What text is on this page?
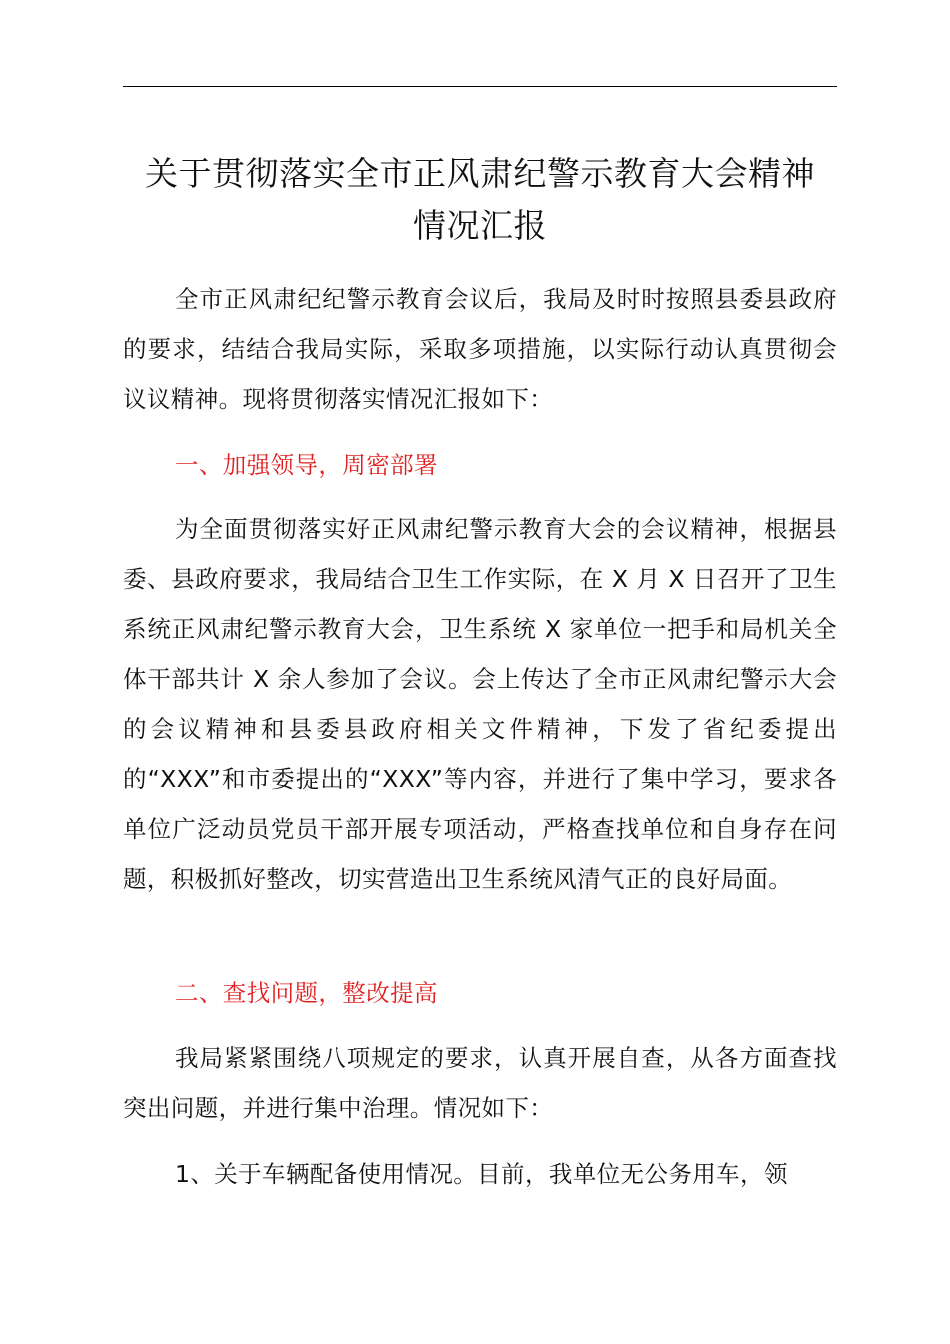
关于贯彻落实全市正风肃纪警示教育大会精神
情况汇报

全市正风肃纪纪警示教育会议后，我局及时时按照县委县政府的要求，结结合我局实际，采取多项措施，以实际行动认真贯彻会议议精神。现将贯彻落实情况汇报如下：

一、加强领导，周密部署

为全面贯彻落实好正风肃纪警示教育大会的会议精神，根据县委、县政府要求，我局结合卫生工作实际，在 X 月 X 日召开了卫生系统正风肃纪警示教育大会，卫生系统 X 家单位一把手和局机关全体干部共计 X 余人参加了会议。会上传达了全市正风肃纪警示大会的会议精神和县委县政府相关文件精神，下发了省纪委提出的“XXX”和市委提出的“XXX”等内容，并进行了集中学习，要求各单位广泛动员党员干部开展专项活动，严格查找单位和自身存在问题，积极抓好整改，切实营造出卫生系统风清气正的良好局面。

二、查找问题，整改提高

我局紧紧围绕八项规定的要求，认真开展自查，从各方面查找突出问题，并进行集中治理。情况如下：

1、关于车辆配备使用情况。目前，我单位无公务用车，领
